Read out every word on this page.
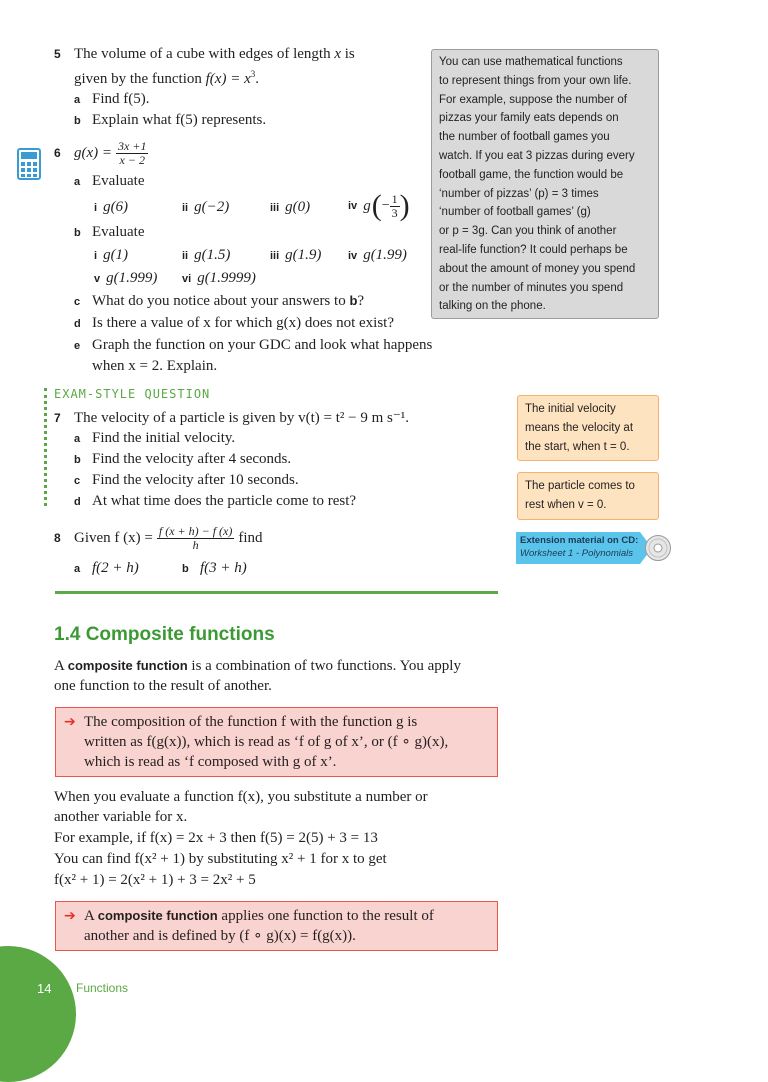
5 The volume of a cube with edges of length x is
given by the function $f(x) = x^3$.
a Find f(5).
b Explain what f(5) represents.
6 $g(x) = \frac{3x +1}{x - 2}$
a Evaluate
i g(6)	ii g(−2)	iii g(0)	iv g ( − $\frac{1}{3}$ )
b Evaluate
i g(1)	ii g(1.5)	iii g(1.9) iv g(1.99)
v g(1.999) vi g(1.9999)
c What do you notice about your answers to b?
d Is there a value of x for which g(x) does not exist?
e Graph the function on your GDC and look what happens
when x = 2. Explain.
You can use mathematical functions
to represent things from your own life.
For example, suppose the number of
pizzas your family eats depends on
the number of football games you
watch. If you eat 3 pizzas during every
football game, the function would be
‘number of pizzas’ (p) = 3 times
‘number of football games’ (g)
or p = 3g. Can you think of another
real-life function? It could perhaps be
about the amount of money you spend
or the number of minutes you spend
talking on the phone.
EXAM-STYLE QUESTION
7 The velocity of a particle is given by v(t) = t² − 9 m s⁻¹.
a Find the initial velocity.
b Find the velocity after 4 seconds.
c Find the velocity after 10 seconds.
d At what time does the particle come to rest?
The initial velocity
means the velocity at
the start, when t = 0.
The particle comes to
rest when v = 0.
Extension material on CD:
Worksheet 1 - Polynomials
8 Given f $(x) = \frac{f (x + h) - f (x)}{h}$ find
a f(2 + h)	b f(3 + h)
1.4 Composite functions
A composite function is a combination of two functions. You apply
one function to the result of another.
➔ The composition of the function f with the function g is
written as f(g(x)), which is read as ‘f of g of x’, or (f ∘ g)(x),
which is read as ‘f composed with g of x’.
When you evaluate a function f(x), you substitute a number or
another variable for x.
For example, if f(x) = 2x + 3 then f(5) = 2(5) + 3 = 13
You can find f(x² + 1) by substituting x² + 1 for x to get
f(x² + 1) = 2(x² + 1) + 3 = 2x² + 5
➔ A composite function applies one function to the result of
another and is defined by (f ∘ g)(x) = f(g(x)).
14 Functions
